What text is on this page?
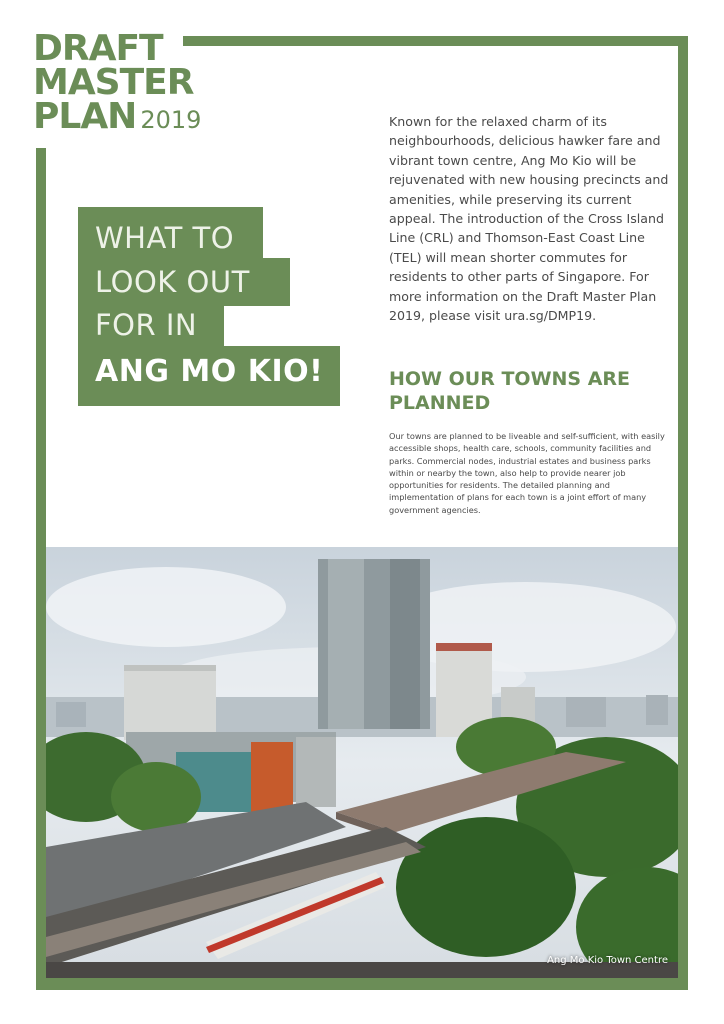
DRAFT
MASTER
PLAN 2019	Known for the relaxed charm of its neighbourhoods, delicious hawker fare and vibrant town centre, Ang Mo Kio will be rejuvenated with new housing precincts and amenities, while preserving its current appeal. The introduction of the Cross Island Line (CRL) and Thomson-East Coast Line (TEL) will mean shorter commutes for residents to other parts of Singapore. For more information on the Draft Master Plan 2019, please visit ura.sg/DMP19.

WHAT TO
LOOK OUT
FOR IN
ANG MO KIO!	HOW OUR TOWNS ARE PLANNED

Our towns are planned to be liveable and self-sufficient, with easily accessible shops, health care, schools, community facilities and parks. Commercial nodes, industrial estates and business parks within or nearby the town, also help to provide nearer job opportunities for residents. The detailed planning and implementation of plans for each town is a joint effort of many government agencies.

Ang Mo Kio Town Centre
